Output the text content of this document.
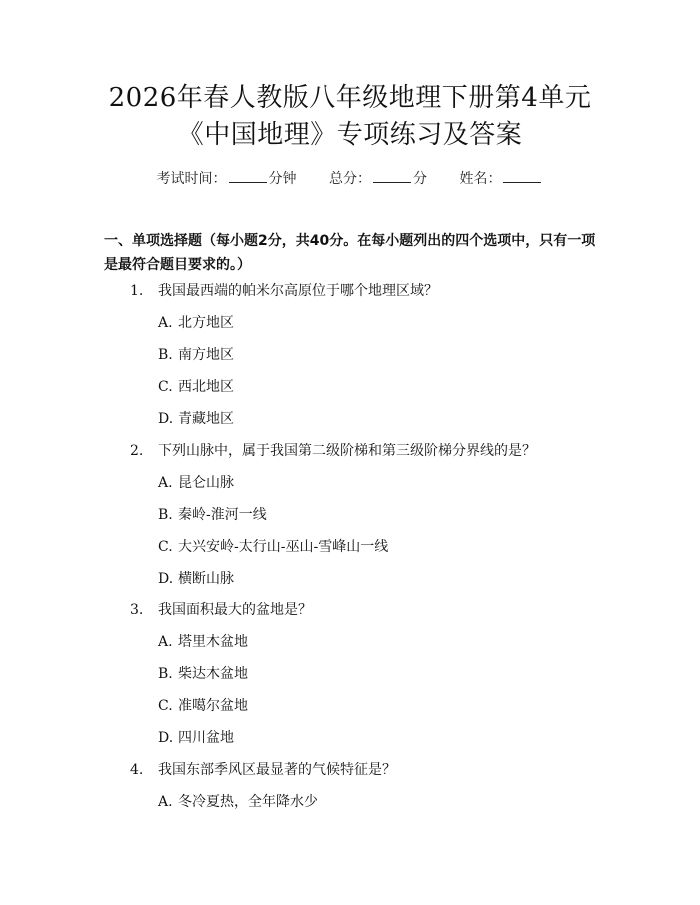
2026年春人教版八年级地理下册第4单元
《中国地理》专项练习及答案
考试时间：	分钟 总分：	分 姓名：
一、单项选择题（每小题2分，共40分。在每小题列出的四个选项中，只有一项是最符合题目要求的。）
1. 我国最西端的帕米尔高原位于哪个地理区域？
A. 北方地区
B. 南方地区
C. 西北地区
D. 青藏地区
2. 下列山脉中，属于我国第二级阶梯和第三级阶梯分界线的是？
A. 昆仑山脉
B. 秦岭-淮河一线
C. 大兴安岭-太行山-巫山-雪峰山一线
D. 横断山脉
3. 我国面积最大的盆地是？
A. 塔里木盆地
B. 柴达木盆地
C. 准噶尔盆地
D. 四川盆地
4. 我国东部季风区最显著的气候特征是？
A. 冬冷夏热，全年降水少
